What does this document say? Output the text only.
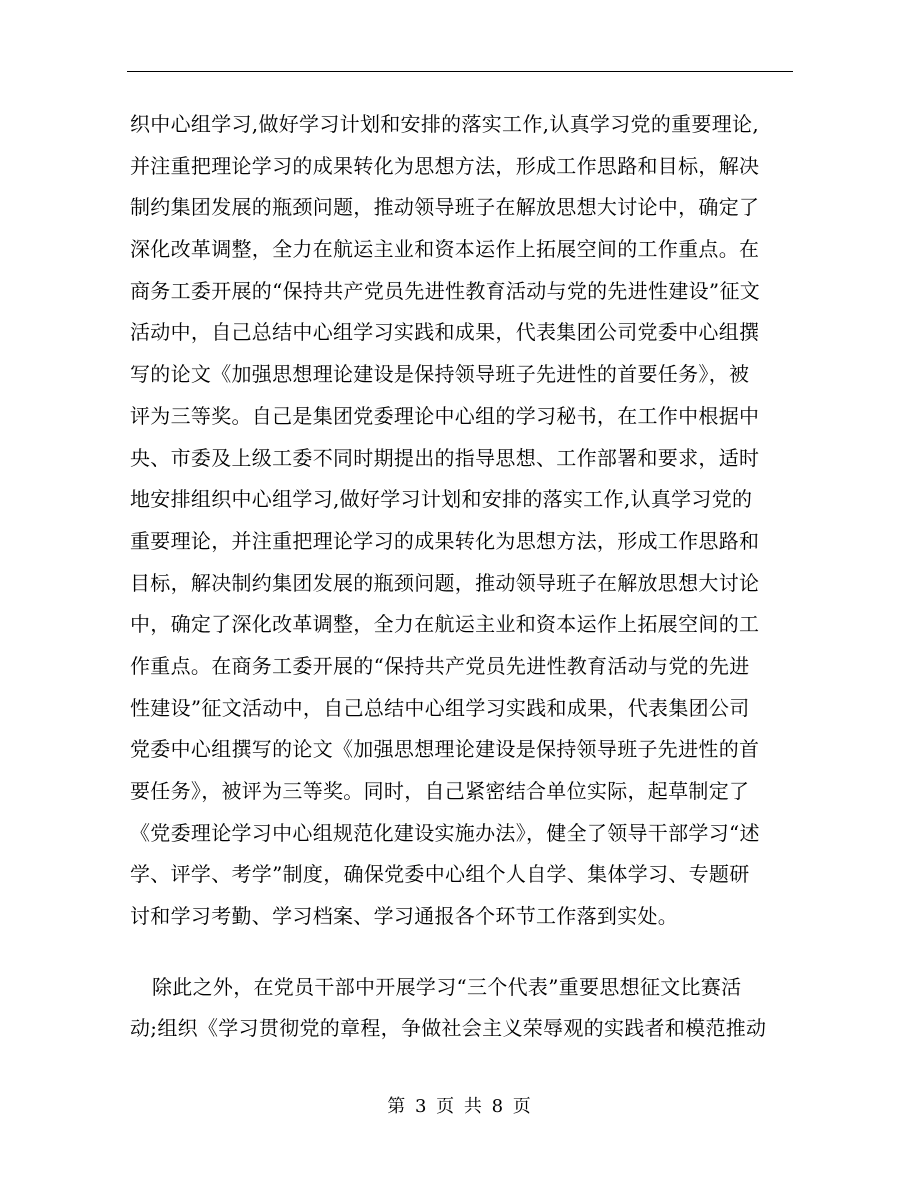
织中心组学习,做好学习计划和安排的落实工作,认真学习党的重要理论,
并注重把理论学习的成果转化为思想方法，形成工作思路和目标，解决
制约集团发展的瓶颈问题，推动领导班子在解放思想大讨论中，确定了
深化改革调整，全力在航运主业和资本运作上拓展空间的工作重点。在
商务工委开展的“保持共产党员先进性教育活动与党的先进性建设”征文
活动中，自己总结中心组学习实践和成果，代表集团公司党委中心组撰
写的论文《加强思想理论建设是保持领导班子先进性的首要任务》，被
评为三等奖。自己是集团党委理论中心组的学习秘书，在工作中根据中
央、市委及上级工委不同时期提出的指导思想、工作部署和要求，适时
地安排组织中心组学习,做好学习计划和安排的落实工作,认真学习党的
重要理论，并注重把理论学习的成果转化为思想方法，形成工作思路和
目标，解决制约集团发展的瓶颈问题，推动领导班子在解放思想大讨论
中，确定了深化改革调整，全力在航运主业和资本运作上拓展空间的工
作重点。在商务工委开展的“保持共产党员先进性教育活动与党的先进
性建设”征文活动中，自己总结中心组学习实践和成果，代表集团公司
党委中心组撰写的论文《加强思想理论建设是保持领导班子先进性的首
要任务》，被评为三等奖。同时，自己紧密结合单位实际，起草制定了
《党委理论学习中心组规范化建设实施办法》，健全了领导干部学习“述
学、评学、考学”制度，确保党委中心组个人自学、集体学习、专题研
讨和学习考勤、学习档案、学习通报各个环节工作落到实处。
除此之外，在党员干部中开展学习“三个代表”重要思想征文比赛活
动;组织《学习贯彻党的章程，争做社会主义荣辱观的实践者和模范推动
第 3 页 共 8 页
